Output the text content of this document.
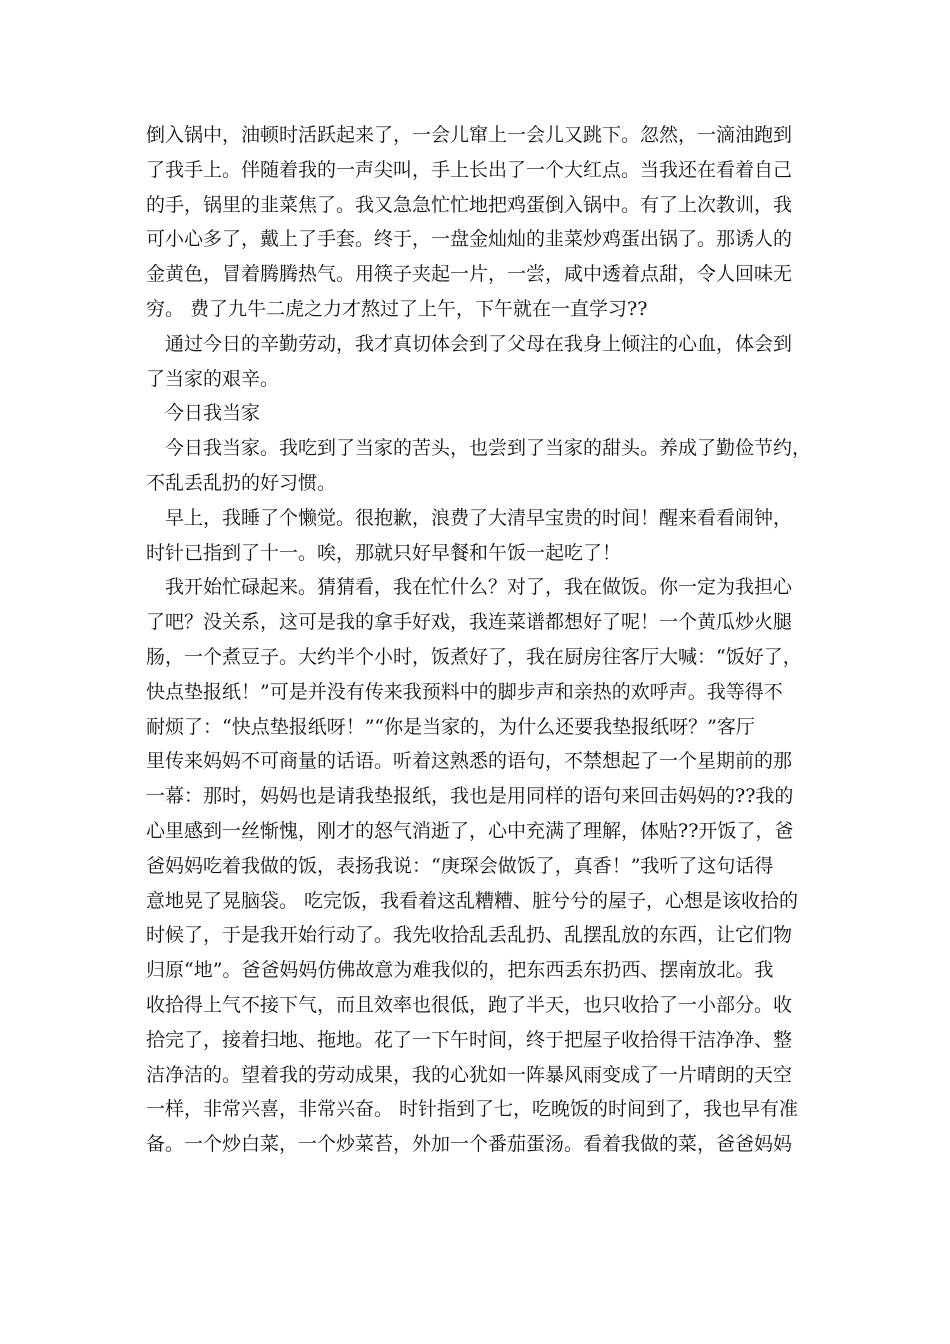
倒入锅中，油顿时活跃起来了，一会儿窜上一会儿又跳下。忽然，一滴油跑到
了我手上。伴随着我的一声尖叫，手上长出了一个大红点。当我还在看着自己
的手，锅里的韭菜焦了。我又急急忙忙地把鸡蛋倒入锅中。有了上次教训，我
可小心多了，戴上了手套。终于，一盘金灿灿的韭菜炒鸡蛋出锅了。那诱人的
金黄色，冒着腾腾热气。用筷子夹起一片，一尝，咸中透着点甜，令人回味无
穷。 费了九牛二虎之力才熬过了上午，下午就在一直学习??
　通过今日的辛勤劳动，我才真切体会到了父母在我身上倾注的心血，体会到
了当家的艰辛。
　今日我当家
　今日我当家。我吃到了当家的苦头，也尝到了当家的甜头。养成了勤俭节约，
不乱丢乱扔的好习惯。
　早上，我睡了个懒觉。很抱歉，浪费了大清早宝贵的时间！醒来看看闹钟，
时针已指到了十一。唉，那就只好早餐和午饭一起吃了！
　我开始忙碌起来。猜猜看，我在忙什么？对了，我在做饭。你一定为我担心
了吧？没关系，这可是我的拿手好戏，我连菜谱都想好了呢！一个黄瓜炒火腿
肠，一个煮豆子。大约半个小时，饭煮好了，我在厨房往客厅大喊：“饭好了，
快点垫报纸！”可是并没有传来我预料中的脚步声和亲热的欢呼声。我等得不
耐烦了：“快点垫报纸呀！”“你是当家的，为什么还要我垫报纸呀？”客厅
里传来妈妈不可商量的话语。听着这熟悉的语句，不禁想起了一个星期前的那
一幕：那时，妈妈也是请我垫报纸，我也是用同样的语句来回击妈妈的??我的
心里感到一丝惭愧，刚才的怒气消逝了，心中充满了理解，体贴??开饭了，爸
爸妈妈吃着我做的饭，表扬我说：“庚琛会做饭了，真香！”我听了这句话得
意地晃了晃脑袋。 吃完饭，我看着这乱糟糟、脏兮兮的屋子，心想是该收拾的
时候了，于是我开始行动了。我先收拾乱丢乱扔、乱摆乱放的东西，让它们物
归原“地”。爸爸妈妈仿佛故意为难我似的，把东西丢东扔西、摆南放北。我
收拾得上气不接下气，而且效率也很低，跑了半天，也只收拾了一小部分。收
拾完了，接着扫地、拖地。花了一下午时间，终于把屋子收拾得干洁净净、整
洁净洁的。望着我的劳动成果，我的心犹如一阵暴风雨变成了一片晴朗的天空
一样，非常兴喜，非常兴奋。 时针指到了七，吃晚饭的时间到了，我也早有准
备。一个炒白菜，一个炒菜苔，外加一个番茄蛋汤。看着我做的菜，爸爸妈妈
